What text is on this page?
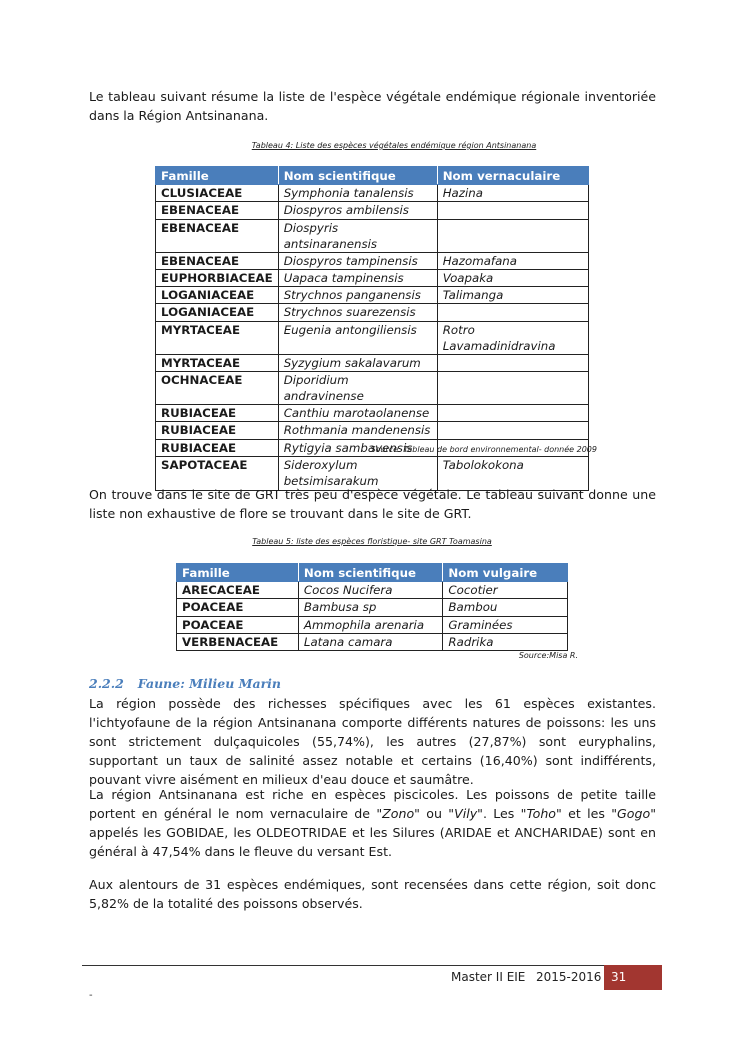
Le tableau suivant résume la liste de l'espèce végétale endémique régionale inventoriée dans la Région Antsinanana.

Tableau 4: Liste des espèces végétales endémique région Antsinanana
Famille	Nom scientifique	Nom vernaculaire
CLUSIACEAE	Symphonia tanalensis	Hazina
EBENACEAE	Diospyros ambilensis	
EBENACEAE	Diospyris antsinaranensis	
EBENACEAE	Diospyros tampinensis	Hazomafana
EUPHORBIACEAE	Uapaca tampinensis	Voapaka
LOGANIACEAE	Strychnos panganensis	Talimanga
LOGANIACEAE	Strychnos suarezensis	
MYRTACEAE	Eugenia antongiliensis	Rotro Lavamadinidravina
MYRTACEAE	Syzygium sakalavarum	
OCHNACEAE	Diporidium andravinense	
RUBIACEAE	Canthiu marotaolanense	
RUBIACEAE	Rothmania mandenensis	
RUBIACEAE	Rytigyia sambavensis	
SAPOTACEAE	Sideroxylum betsimisarakum	Tabolokokona
Source: Tableau de bord environnemental- donnée 2009

On trouve dans le site de GRT très peu d'espèce végétale. Le tableau suivant donne une liste non exhaustive de flore se trouvant dans le site de GRT.

Tableau 5: liste des espèces floristique- site GRT Toamasina
Famille	Nom scientifique	Nom vulgaire
ARECACEAE	Cocos Nucifera	Cocotier
POACEAE	Bambusa sp	Bambou
POACEAE	Ammophila arenaria	Graminées
VERBENACEAE	Latana camara	Radrika
Source:Misa R.
2.2.2 Faune: Milieu Marin

La région possède des richesses spécifiques avec les 61 espèces existantes. l'ichtyofaune de la région Antsinanana comporte différents natures de poissons: les uns sont strictement dulçaquicoles (55,74%), les autres (27,87%) sont euryphalins, supportant un taux de salinité assez notable et certains (16,40%) sont indifférents, pouvant vivre aisément en milieux d'eau douce et saumâtre.

La région Antsinanana est riche en espèces piscicoles. Les poissons de petite taille portent en général le nom vernaculaire de "Zono" ou "Vily". Les "Toho" et les "Gogo" appelés les GOBIDAE, les OLDEOTRIDAE et les Silures (ARIDAE et ANCHARIDAE) sont en général à 47,54% dans le fleuve du versant Est.

Aux alentours de 31 espèces endémiques, sont recensées dans cette région, soit donc 5,82% de la totalité des poissons observés.

Master II EIE 2015-2016 31
-
